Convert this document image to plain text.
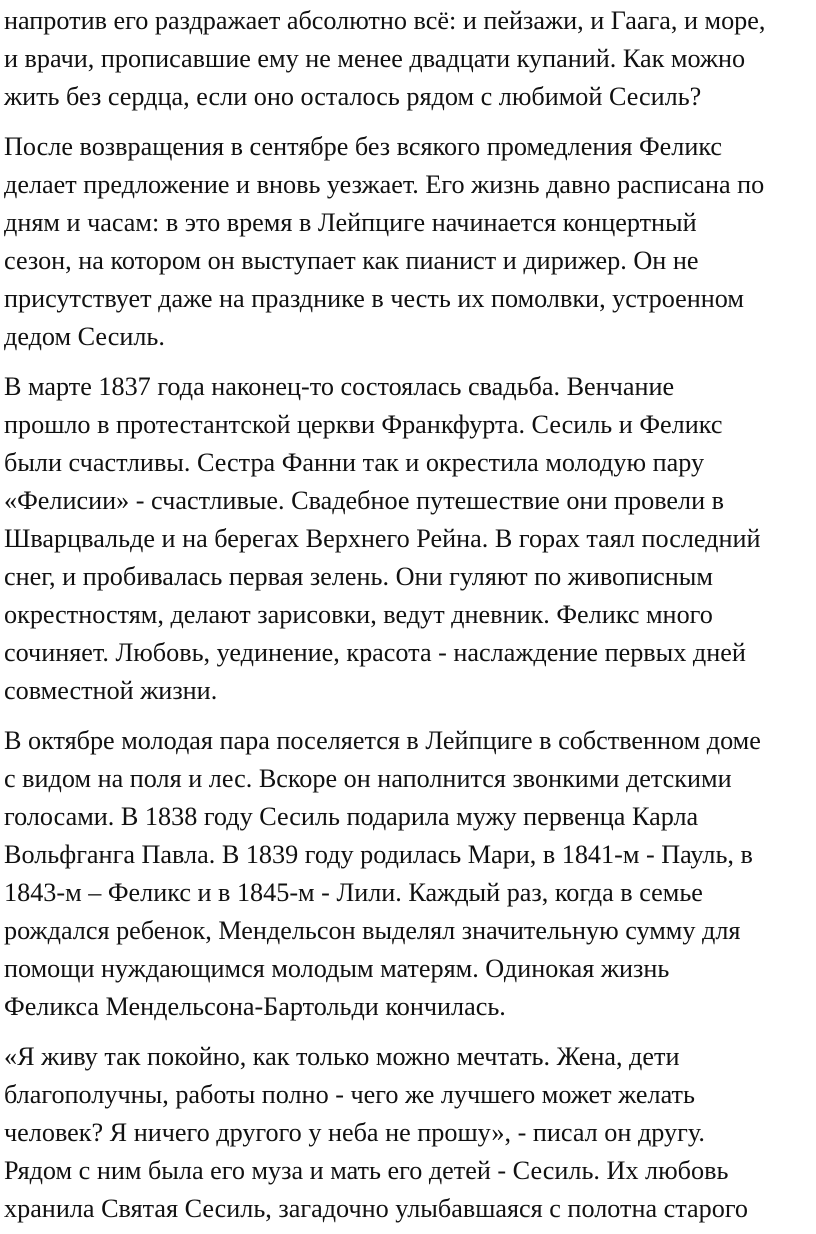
напротив его раздражает абсолютно всё: и пейзажи, и Гаага, и море,
и врачи, прописавшие ему не менее двадцати купаний. Как можно
жить без сердца, если оно осталось рядом с любимой Сесиль?

После возвращения в сентябре без всякого промедления Феликс
делает предложение и вновь уезжает. Его жизнь давно расписана по
дням и часам: в это время в Лейпциге начинается концертный
сезон, на котором он выступает как пианист и дирижер. Он не
присутствует даже на празднике в честь их помолвки, устроенном
дедом Сесиль.

В марте 1837 года наконец-то состоялась свадьба. Венчание
прошло в протестантской церкви Франкфурта. Сесиль и Феликс
были счастливы. Сестра Фанни так и окрестила молодую пару
«Фелисии» - счастливые. Свадебное путешествие они провели в
Шварцвальде и на берегах Верхнего Рейна. В горах таял последний
снег, и пробивалась первая зелень. Они гуляют по живописным
окрестностям, делают зарисовки, ведут дневник. Феликс много
сочиняет. Любовь, уединение, красота - наслаждение первых дней
совместной жизни.

В октябре молодая пара поселяется в Лейпциге в собственном доме
с видом на поля и лес. Вскоре он наполнится звонкими детскими
голосами. В 1838 году Сесиль подарила мужу первенца Карла
Вольфганга Павла. В 1839 году родилась Мари, в 1841-м - Пауль, в
1843-м – Феликс и в 1845-м - Лили. Каждый раз, когда в семье
рождался ребенок, Мендельсон выделял значительную сумму для
помощи нуждающимся молодым матерям. Одинокая жизнь
Феликса Мендельсона-Бартольди кончилась.

«Я живу так покойно, как только можно мечтать. Жена, дети
благополучны, работы полно - чего же лучшего может желать
человек? Я ничего другого у неба не прошу», - писал он другу.
Рядом с ним была его муза и мать его детей - Сесиль. Их любовь
хранила Святая Сесиль, загадочно улыбавшаяся с полотна старого
